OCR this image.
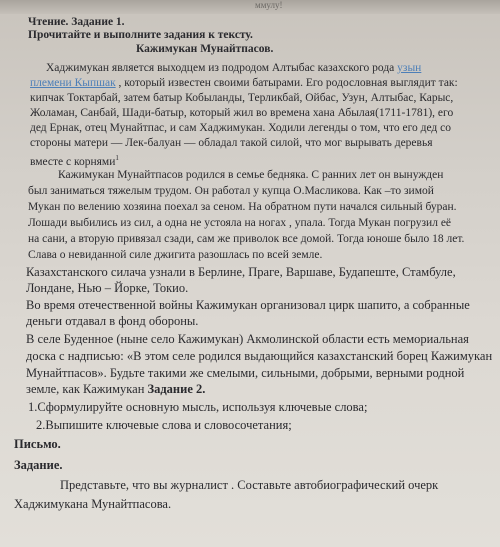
ммулу!
Чтение. Задание 1.
Прочитайте и выполните задания к тексту.
Кажимукан Мунайтпасов.
Хаджимукан является выходцем из подродом Алтыбас казахского рода узын
племени Кыпшак , который известен своими батырами. Его родословная выглядит так:
кипчак Токтарбай, затем батыр Кобыланды, Терликбай, Ойбас, Узун, Алтыбас, Карыс,
Жоламан, Санбай, Шади-батыр, который жил во времена хана Абылая(1711-1781), его
дед Ернак, отец Мунайтпас, и сам Хаджимукан. Ходили легенды о том, что его дед со
стороны матери — Лек-балуан — обладал такой силой, что мог вырывать деревья
вместе с корнями$^1$
Кажимукан Мунайтпасов родился в семье бедняка. С ранних лет он вынужден
был заниматься тяжелым трудом. Он работал у купца О.Масликова. Как –то зимой
Мукан по велению хозяина поехал за сеном. На обратном пути начался сильный буран.
Лошади выбились из сил, а одна не устояла на ногах , упала. Тогда Мукан погрузил её
на сани, а вторую привязал сзади, сам же приволок все домой. Тогда юноше было 18 лет.
Слава о невиданной силе джигита разошлась по всей земле.
Казахстанского силача узнали в Берлине, Праге, Варшаве, Будапеште, Стамбуле,
Лондане, Нью – Йорке, Токио.
Во время отечественной войны Кажимукан организовал цирк шапито, а собранные
деньги отдавал в фонд обороны.
В селе Буденное (ныне село Кажимукан) Акмолинской области есть мемориальная
доска с надписью: «В этом селе родился выдающийся казахстанский борец Кажимукан
Мунайтпасов». Будьте такими же смелыми, сильными, добрыми, верными родной
земле, как Кажимукан Задание 2.
1.Сформулируйте основную мысль, используя ключевые слова;
2.Выпишите ключевые слова и словосочетания;
Письмо.
Задание.
Представьте, что вы журналист . Составьте автобиографический очерк
Хаджимукана Мунайтпасова.
